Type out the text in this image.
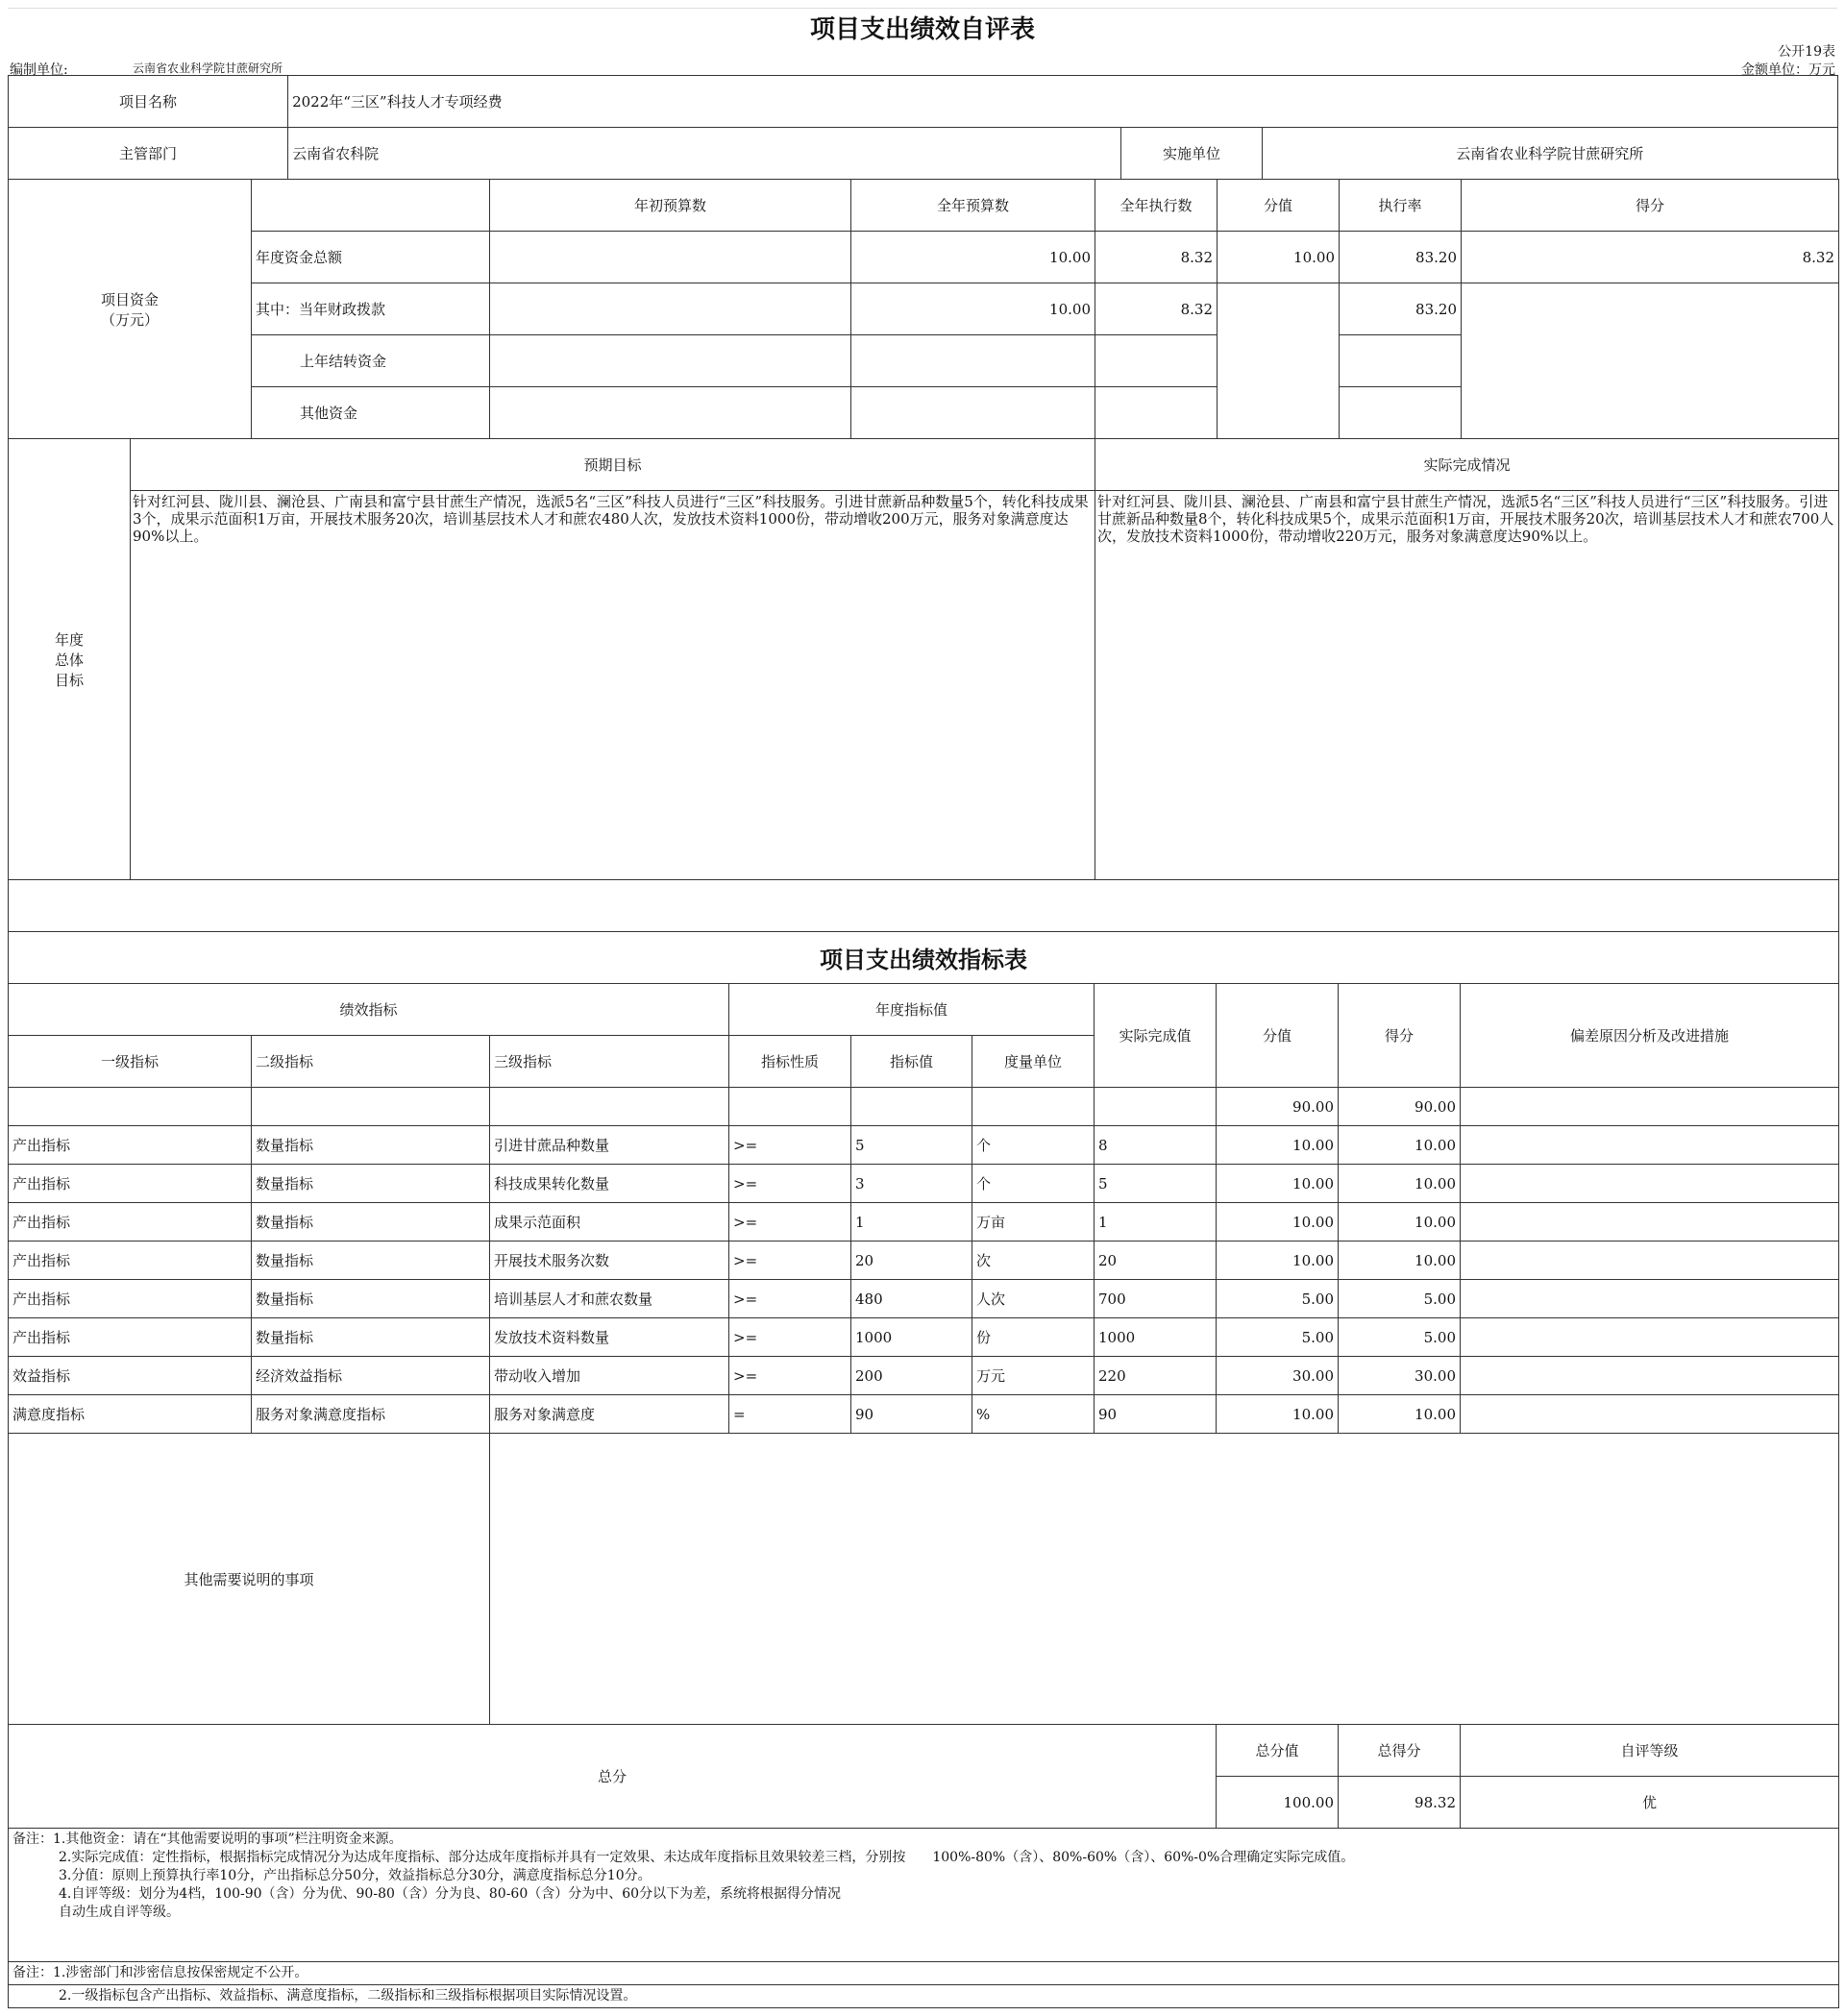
项目支出绩效自评表
公开19表
编制单位:	云南省农业科学院甘蔗研究所	金额单位：万元
项目名称	2022年“三区”科技人才专项经费		
主管部门	云南省农科院	实施单位	云南省农业科学院甘蔗研究所
项目资金
（万元）		年初预算数	全年预算数	全年执行数	分值	执行率	得分
	年度资金总额		10.00	8.32	10.00	83.20	8.32
	其中：当年财政拨款		10.00	8.32		83.20	
	上年结转资金						
	其他资金						
年度
总体
目标	预期目标	实际完成情况
	针对红河县、陇川县、澜沧县、广南县和富宁县甘蔗生产情况，选派5名“三区”科技人员进行“三区”科技服务。引进甘蔗新品种数量5个，转化科技成果3个，成果示范面积1万亩，开展技术服务20次，培训基层技术人才和蔗农480人次，发放技术资料1000份，带动增收200万元，服务对象满意度达90%以上。	针对红河县、陇川县、澜沧县、广南县和富宁县甘蔗生产情况，选派5名“三区”科技人员进行“三区”科技服务。引进甘蔗新品种数量8个，转化科技成果5个，成果示范面积1万亩，开展技术服务20次，培训基层技术人才和蔗农700人次，发放技术资料1000份，带动增收220万元，服务对象满意度达90%以上。

项目支出绩效指标表									
绩效指标			年度指标值			实际完成值	分值	得分	偏差原因分析及改进措施
一级指标	二级指标	三级指标	指标性质	指标值	度量单位				
							90.00	90.00	
产出指标	数量指标	引进甘蔗品种数量	>=	5	个	8	10.00	10.00	
产出指标	数量指标	科技成果转化数量	>=	3	个	5	10.00	10.00	
产出指标	数量指标	成果示范面积	>=	1	万亩	1	10.00	10.00	
产出指标	数量指标	开展技术服务次数	>=	20	次	20	10.00	10.00	
产出指标	数量指标	培训基层人才和蔗农数量	>=	480	人次	700	5.00	5.00	
产出指标	数量指标	发放技术资料数量	>=	1000	份	1000	5.00	5.00	
效益指标	经济效益指标	带动收入增加	>=	200	万元	220	30.00	30.00	
满意度指标	服务对象满意度指标	服务对象满意度	=	90	%	90	10.00	10.00	
其他需要说明的事项									
总分							总分值	总得分	自评等级
							100.00	98.32	优

备注：1.其他资金：请在“其他需要说明的事项”栏注明资金来源。
2.实际完成值：定性指标，根据指标完成情况分为达成年度指标、部分达成年度指标并具有一定效果、未达成年度指标且效果较差三档，分别按　　100%-80%（含）、80%-60%（含）、60%-0%合理确定实际完成值。
3.分值：原则上预算执行率10分，产出指标总分50分，效益指标总分30分，满意度指标总分10分。
4.自评等级：划分为4档，100-90（含）分为优、90-80（含）分为良、80-60（含）分为中、60分以下为差，系统将根据得分情况
自动生成自评等级。									

备注：1.涉密部门和涉密信息按保密规定不公开。									

2.一级指标包含产出指标、效益指标、满意度指标，二级指标和三级指标根据项目实际情况设置。									
